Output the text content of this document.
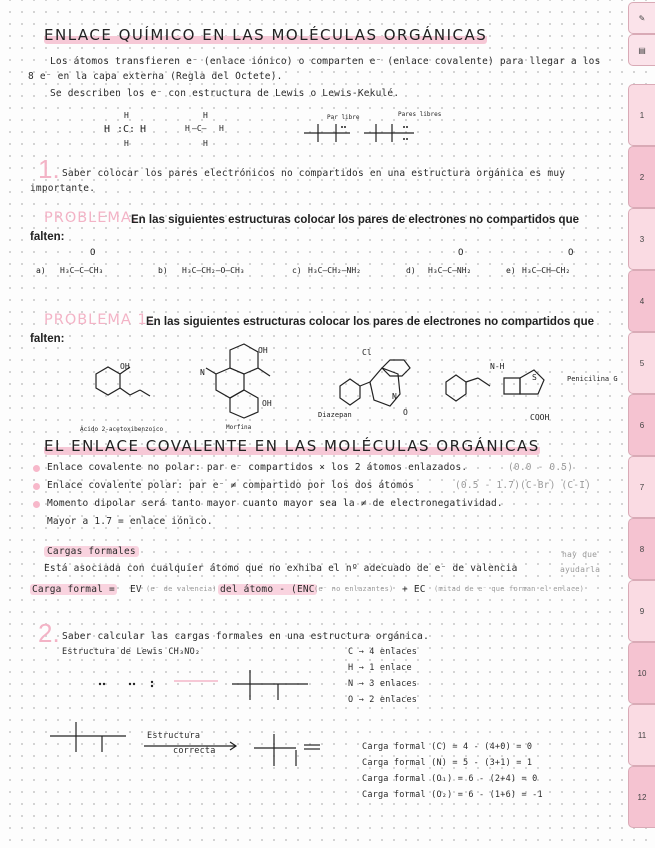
ENLACE QUÍMICO EN LAS MOLÉCULAS ORGÁNICAS
Los átomos transfieren e⁻ (enlace iónico) o comparten e⁻ (enlace covalente) para llegar a los
8 e⁻ en la capa externa (Regla del Octete).
Se describen los e⁻ con estructura de Lewis o Lewis-Kekulé.
H
H :C: H
H
H
H —C— H
H
Par libre	Pares libres
1. Saber colocar los pares electrónicos no compartidos en una estructura orgánica es muy
importante.
PROBLEMA:
En las siguientes estructuras colocar los pares de electrones no compartidos que
falten:
O	O	O
a) H₃C—C—CH₃	b) H₃C—CH₂—O—CH₃	c) H₃C—CH₂—NH₂	d) H₃C—C—NH₂	e) H₃C—CH—CH₂
PROBLEMA 1:
En las siguientes estructuras colocar los pares de electrones no compartidos que
falten:
OH
Ácido 2-acetoxibenzoico
OH
N
OH
Morfina
Cl
N
O
Diazepan
N-H
S
COOH
Penicilina G
EL ENLACE COVALENTE EN LAS MOLÉCULAS ORGÁNICAS
Enlace covalente no polar: par e⁻ compartidos × los 2 átomos enlazados.	(0.0 - 0.5)
Enlace covalente polar: par e⁻ ≠ compartido por los dos átomos	(0.5 - 1.7) (C-Br) (C-I)
Momento dipolar será tanto mayor cuanto mayor sea la ≠ de electronegatividad.
Mayor a 1.7 = enlace iónico.
Cargas formales
Está asociada con cualquier átomo que no exhiba el nº adecuado de e⁻ de valencia
hay que
ayudarla
Carga formal = EV (e⁻ de valencia) del átomo - (ENC (e⁻ no enlazantes) + EC (mitad de e⁻ que forman el enlace)
2. Saber calcular las cargas formales en una estructura orgánica.
Estructura de Lewis CH₃NO₂	C → 4 enlaces
H → 1 enlace
N → 3 enlaces
O → 2 enlaces
Estructura
correcta	Carga formal (C) = 4 - (4+0) = 0
Carga formal (N) = 5 - (3+1) = 1
Carga formal (O₁) = 6 - (2+4) = 0
Carga formal (O₂) = 6 - (1+6) = -1
✎
▤
1
2
3
4
5
6
7
8
9
10
11
12
